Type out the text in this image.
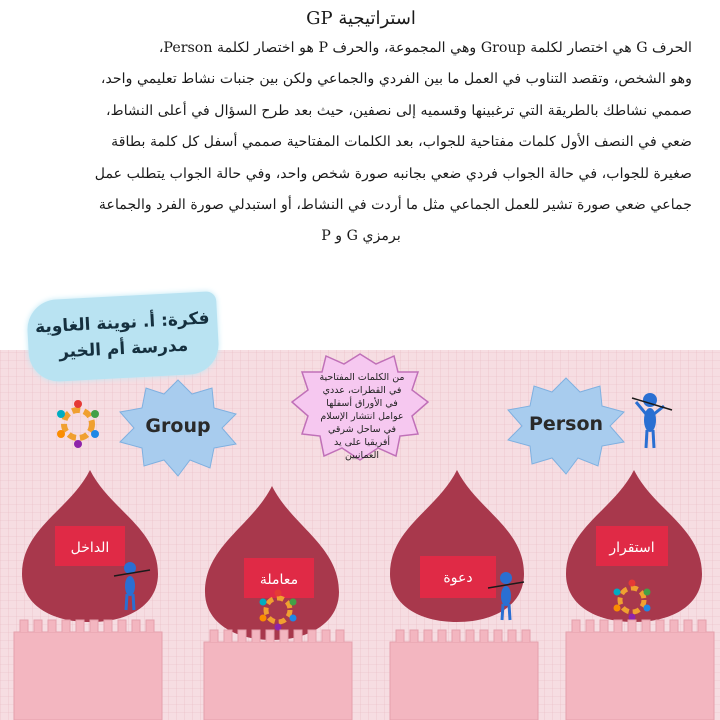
استراتيجية GP
الحرف G هي اختصار لكلمة Group وهي المجموعة، والحرف P هو اختصار لكلمة Person،
وهو الشخص، وتقصد التناوب في العمل ما بين الفردي والجماعي ولكن بين جنبات نشاط تعليمي واحد،
صممي نشاطك بالطريقة التي ترغبينها وقسميه إلى نصفين، حيث بعد طرح السؤال في أعلى النشاط،
ضعي في النصف الأول كلمات مفتاحية للجواب، بعد الكلمات المفتاحية صممي أسفل كل كلمة بطاقة
صغيرة للجواب، في حالة الجواب فردي ضعي بجانبه صورة شخص واحد، وفي حالة الجواب يتطلب عمل
جماعي ضعي صورة تشير للعمل الجماعي مثل ما أردت في النشاط، أو استبدلي صورة الفرد والجماعة
برمزي G و P
Group	Person
من الكلمات المفتاحية
في القطرات، عددي
في الأوراق أسفلها
عوامل انتشار الإسلام
في ساحل شرقي
أفريقيا على يد
العمانيين
الداخل
معاملة	دعوة
استقرار
فكرة: أ. نوينة الغاوية
مدرسة أم الخير
